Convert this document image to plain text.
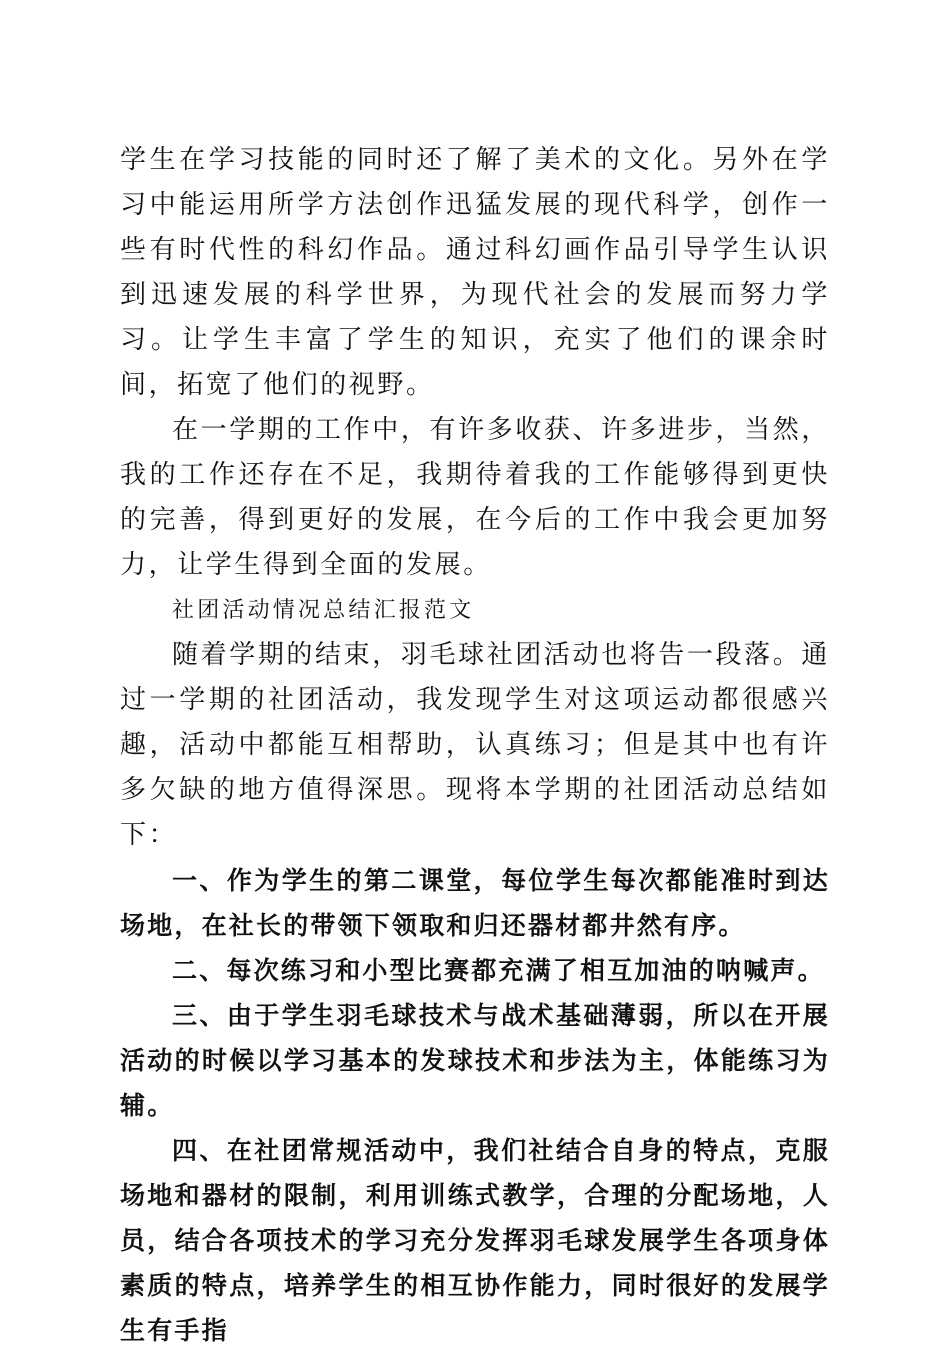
学生在学习技能的同时还了解了美术的文化。另外在学习中能运用所学方法创作迅猛发展的现代科学，创作一些有时代性的科幻作品。通过科幻画作品引导学生认识到迅速发展的科学世界，为现代社会的发展而努力学习。让学生丰富了学生的知识，充实了他们的课余时间，拓宽了他们的视野。

在一学期的工作中，有许多收获、许多进步，当然，我的工作还存在不足，我期待着我的工作能够得到更快的完善，得到更好的发展，在今后的工作中我会更加努力，让学生得到全面的发展。

社团活动情况总结汇报范文

随着学期的结束，羽毛球社团活动也将告一段落。通过一学期的社团活动，我发现学生对这项运动都很感兴趣，活动中都能互相帮助，认真练习；但是其中也有许多欠缺的地方值得深思。现将本学期的社团活动总结如下：

一、作为学生的第二课堂，每位学生每次都能准时到达场地，在社长的带领下领取和归还器材都井然有序。

二、每次练习和小型比赛都充满了相互加油的呐喊声。

三、由于学生羽毛球技术与战术基础薄弱，所以在开展活动的时候以学习基本的发球技术和步法为主，体能练习为辅。

四、在社团常规活动中，我们社结合自身的特点，克服场地和器材的限制，利用训练式教学，合理的分配场地，人员，结合各项技术的学习充分发挥羽毛球发展学生各项身体素质的特点，培养学生的相互协作能力，同时很好的发展学生有手指
